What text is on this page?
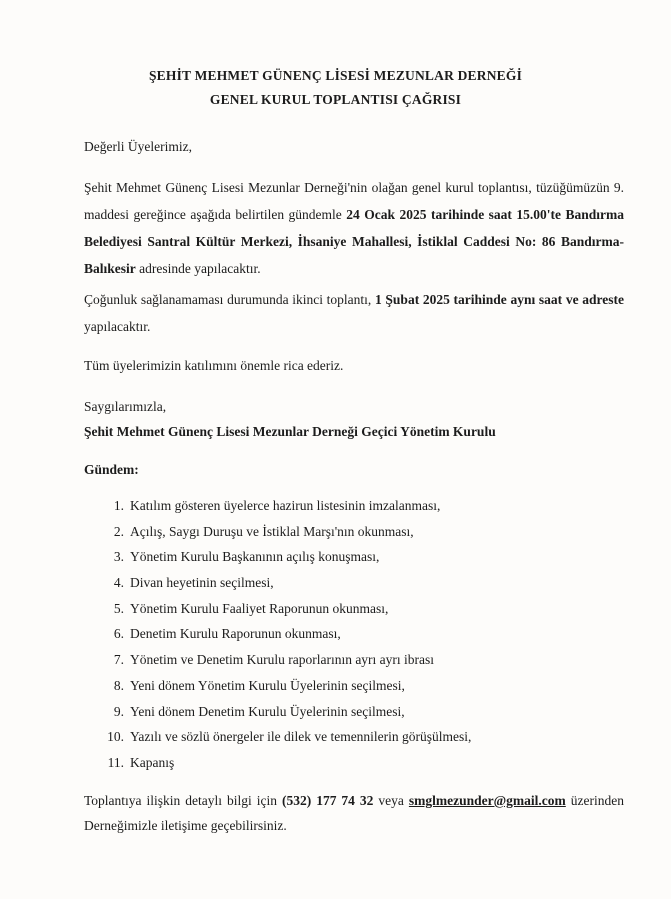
ŞEHİT MEHMET GÜNENÇ LİSESİ MEZUNLAR DERNEĞİ
GENEL KURUL TOPLANTISI ÇAĞRISI
Değerli Üyelerimiz,
Şehit Mehmet Günenç Lisesi Mezunlar Derneği'nin olağan genel kurul toplantısı, tüzüğümüzün 9. maddesi gereğince aşağıda belirtilen gündemle 24 Ocak 2025 tarihinde saat 15.00'te Bandırma Belediyesi Santral Kültür Merkezi, İhsaniye Mahallesi, İstiklal Caddesi No: 86 Bandırma-Balıkesir adresinde yapılacaktır.
Çoğunluk sağlanamaması durumunda ikinci toplantı, 1 Şubat 2025 tarihinde aynı saat ve adreste yapılacaktır.
Tüm üyelerimizin katılımını önemle rica ederiz.
Saygılarımızla,
Şehit Mehmet Günenç Lisesi Mezunlar Derneği Geçici Yönetim Kurulu
Gündem:
1. Katılım gösteren üyelerce hazirun listesinin imzalanması,
2. Açılış, Saygı Duruşu ve İstiklal Marşı'nın okunması,
3. Yönetim Kurulu Başkanının açılış konuşması,
4. Divan heyetinin seçilmesi,
5. Yönetim Kurulu Faaliyet Raporunun okunması,
6. Denetim Kurulu Raporunun okunması,
7. Yönetim ve Denetim Kurulu raporlarının ayrı ayrı ibrası
8. Yeni dönem Yönetim Kurulu Üyelerinin seçilmesi,
9. Yeni dönem Denetim Kurulu Üyelerinin seçilmesi,
10. Yazılı ve sözlü önergeler ile dilek ve temennilerin görüşülmesi,
11. Kapanış
Toplantıya ilişkin detaylı bilgi için (532) 177 74 32 veya smglmezunder@gmail.com üzerinden Derneğimizle iletişime geçebilirsiniz.
